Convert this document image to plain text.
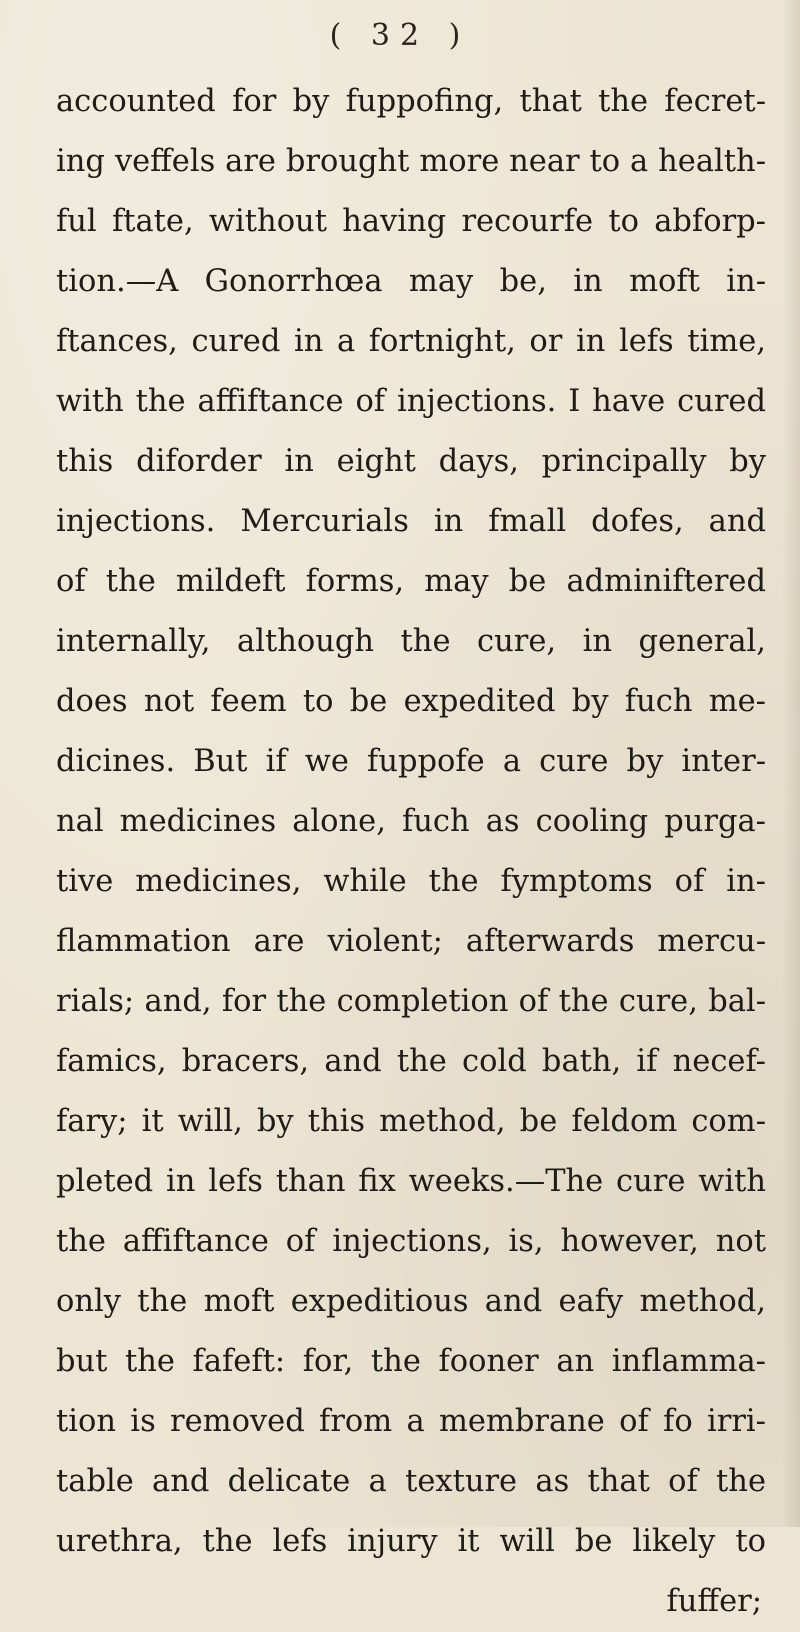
( 32 )
accounted for by fuppofing, that the fecret-
ing veffels are brought more near to a health-
ful ftate, without having recourfe to abforp-
tion.—A Gonorrhœa may be, in moft in-
ftances, cured in a fortnight, or in lefs time,
with the affiftance of injections. I have cured
this diforder in eight days, principally by
injections. Mercurials in fmall dofes, and
of the mildeft forms, may be adminiftered
internally, although the cure, in general,
does not feem to be expedited by fuch me-
dicines. But if we fuppofe a cure by inter-
nal medicines alone, fuch as cooling purga-
tive medicines, while the fymptoms of in-
flammation are violent; afterwards mercu-
rials; and, for the completion of the cure, bal-
famics, bracers, and the cold bath, if necef-
fary; it will, by this method, be feldom com-
pleted in lefs than fix weeks.—The cure with
the affiftance of injections, is, however, not
only the moft expeditious and eafy method,
but the fafeft: for, the fooner an inflamma-
tion is removed from a membrane of fo irri-
table and delicate a texture as that of the
urethra, the lefs injury it will be likely to
fuffer;
